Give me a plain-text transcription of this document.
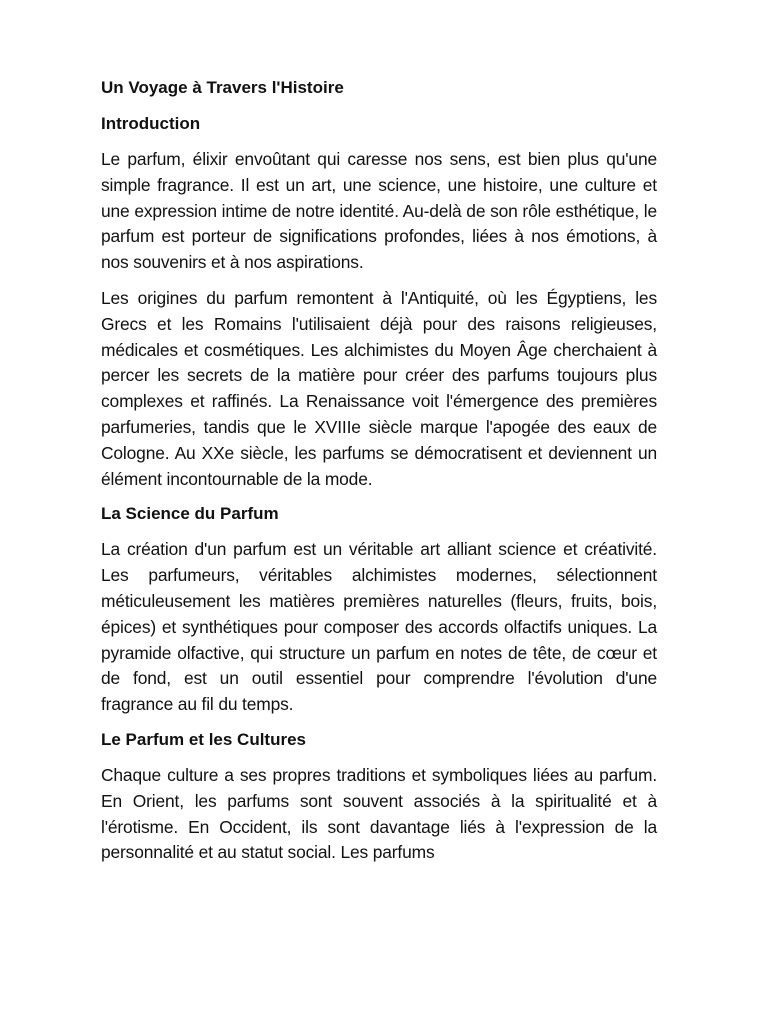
Un Voyage à Travers l'Histoire
Introduction

Le parfum, élixir envoûtant qui caresse nos sens, est bien plus qu'une simple fragrance. Il est un art, une science, une histoire, une culture et une expression intime de notre identité. Au-delà de son rôle esthétique, le parfum est porteur de significations profondes, liées à nos émotions, à nos souvenirs et à nos aspirations.

Les origines du parfum remontent à l'Antiquité, où les Égyptiens, les Grecs et les Romains l'utilisaient déjà pour des raisons religieuses, médicales et cosmétiques. Les alchimistes du Moyen Âge cherchaient à percer les secrets de la matière pour créer des parfums toujours plus complexes et raffinés. La Renaissance voit l'émergence des premières parfumeries, tandis que le XVIIIe siècle marque l'apogée des eaux de Cologne. Au XXe siècle, les parfums se démocratisent et deviennent un élément incontournable de la mode.

La Science du Parfum

La création d'un parfum est un véritable art alliant science et créativité. Les parfumeurs, véritables alchimistes modernes, sélectionnent méticuleusement les matières premières naturelles (fleurs, fruits, bois, épices) et synthétiques pour composer des accords olfactifs uniques. La pyramide olfactive, qui structure un parfum en notes de tête, de cœur et de fond, est un outil essentiel pour comprendre l'évolution d'une fragrance au fil du temps.

Le Parfum et les Cultures

Chaque culture a ses propres traditions et symboliques liées au parfum. En Orient, les parfums sont souvent associés à la spiritualité et à l'érotisme. En Occident, ils sont davantage liés à l'expression de la personnalité et au statut social. Les parfums
